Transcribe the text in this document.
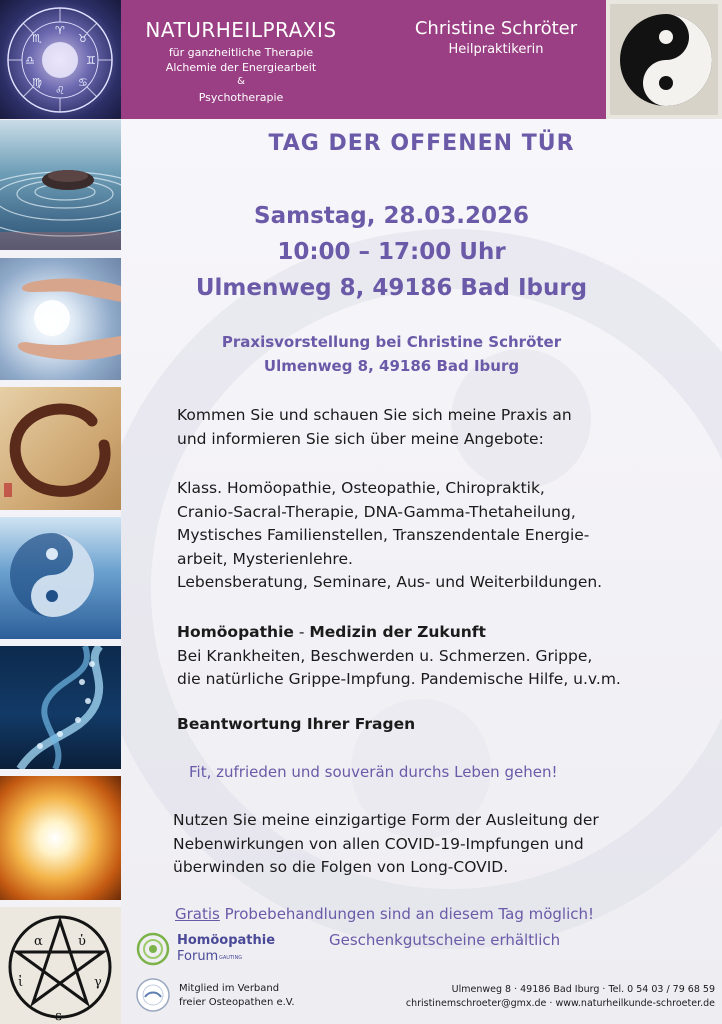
♈
♉
♊
♋
♌
♍
♎
♏
α	ὑ
γ
ε
ἰ

NATURHEILPRAXIS

für ganzheitliche Therapie

Alchemie der Energiearbeit

&

Psychotherapie

Christine Schröter

Heilpraktikerin

TAG DER OFFENEN TÜR

Samstag, 28.03.2026

10:00 – 17:00 Uhr

Ulmenweg 8, 49186 Bad Iburg

Praxisvorstellung bei Christine Schröter

Ulmenweg 8, 49186 Bad Iburg

Kommen Sie und schauen Sie sich meine Praxis an
und informieren Sie sich über meine Angebote:
Klass. Homöopathie, Osteopathie, Chiropraktik,
Cranio-Sacral-Therapie, DNA-Gamma-Thetaheilung,
Mystisches Familienstellen, Transzendentale Energie-
arbeit, Mysterienlehre.
Lebensberatung, Seminare, Aus- und Weiterbildungen.
Homöopathie - Medizin der Zukunft
Bei Krankheiten, Beschwerden u. Schmerzen. Grippe,
die natürliche Grippe-Impfung. Pandemische Hilfe, u.v.m.

Beantwortung Ihrer Fragen

Fit, zufrieden und souverän durchs Leben gehen!

Nutzen Sie meine einzigartige Form der Ausleitung der
Nebenwirkungen von allen COVID-19-Impfungen und
überwinden so die Folgen von Long-COVID.

Gratis Probebehandlungen sind an diesem Tag möglich!

Geschenkgutscheine erhältlich

Homöopathie
Forum GAUTING
Mitglied im Verband
freier Osteopathen e.V.
Ulmenweg 8 · 49186 Bad Iburg · Tel. 0 54 03 / 79 68 59
christinemschroeter@gmx.de · www.naturheilkunde-schroeter.de
